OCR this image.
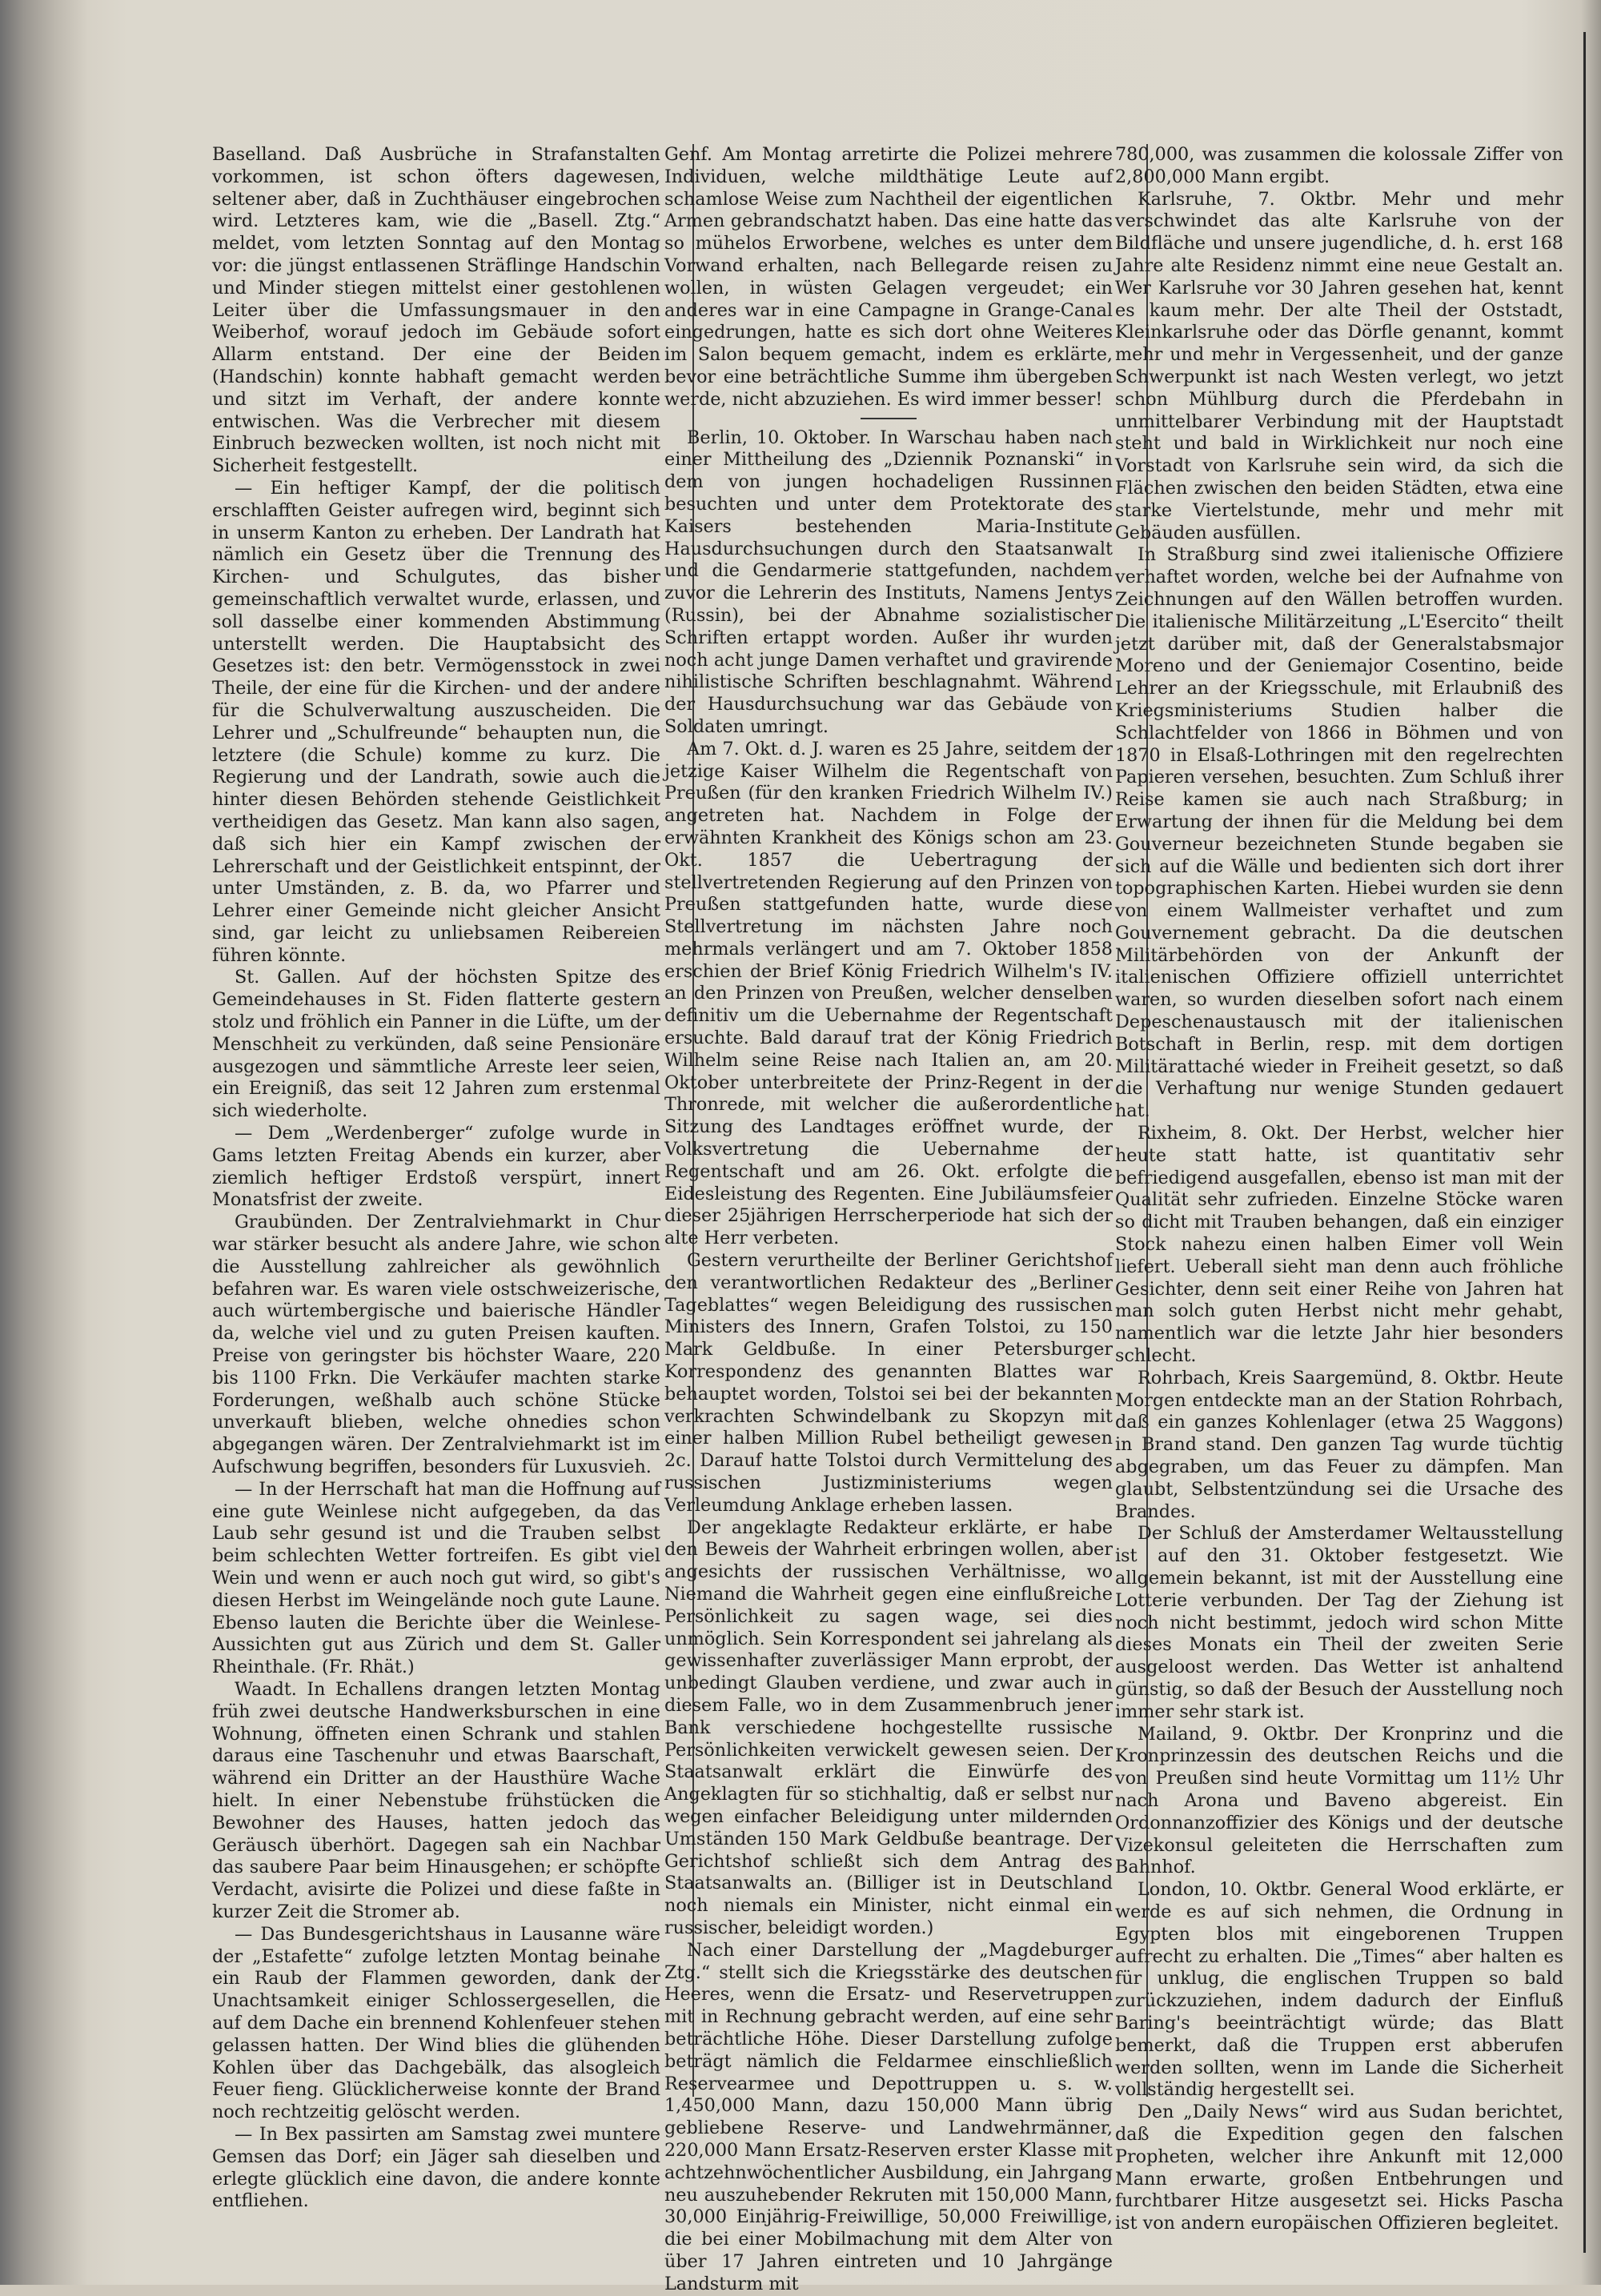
Baselland. Daß Ausbrüche in Strafanstalten vorkommen, ist schon öfters dagewesen, seltener aber, daß in Zuchthäuser eingebrochen wird. Letzteres kam, wie die „Basell. Ztg.“ meldet, vom letzten Sonntag auf den Montag vor: die jüngst entlassenen Sträflinge Handschin und Minder stiegen mittelst einer gestohlenen Leiter über die Umfassungsmauer in den Weiberhof, worauf jedoch im Gebäude sofort Allarm entstand. Der eine der Beiden (Handschin) konnte habhaft gemacht werden und sitzt im Verhaft, der andere konnte entwischen. Was die Verbrecher mit diesem Einbruch bezwecken wollten, ist noch nicht mit Sicherheit festgestellt.

— Ein heftiger Kampf, der die politisch erschlafften Geister aufregen wird, beginnt sich in unserm Kanton zu erheben. Der Landrath hat nämlich ein Gesetz über die Trennung des Kirchen- und Schulgutes, das bisher gemeinschaftlich verwaltet wurde, erlassen, und soll dasselbe einer kommenden Abstimmung unterstellt werden. Die Hauptabsicht des Gesetzes ist: den betr. Vermögensstock in zwei Theile, der eine für die Kirchen- und der andere für die Schulverwaltung auszuscheiden. Die Lehrer und „Schulfreunde“ behaupten nun, die letztere (die Schule) komme zu kurz. Die Regierung und der Landrath, sowie auch die hinter diesen Behörden stehende Geistlichkeit vertheidigen das Gesetz. Man kann also sagen, daß sich hier ein Kampf zwischen der Lehrerschaft und der Geistlichkeit entspinnt, der unter Umständen, z. B. da, wo Pfarrer und Lehrer einer Gemeinde nicht gleicher Ansicht sind, gar leicht zu unliebsamen Reibereien führen könnte.

St. Gallen. Auf der höchsten Spitze des Gemeindehauses in St. Fiden flatterte gestern stolz und fröhlich ein Panner in die Lüfte, um der Menschheit zu verkünden, daß seine Pensionäre ausgezogen und sämmtliche Arreste leer seien, ein Ereigniß, das seit 12 Jahren zum erstenmal sich wiederholte.

— Dem „Werdenberger“ zufolge wurde in Gams letzten Freitag Abends ein kurzer, aber ziemlich heftiger Erdstoß verspürt, innert Monatsfrist der zweite.

Graubünden. Der Zentralviehmarkt in Chur war stärker besucht als andere Jahre, wie schon die Ausstellung zahlreicher als gewöhnlich befahren war. Es waren viele ostschweizerische, auch würtembergische und baierische Händler da, welche viel und zu guten Preisen kauften. Preise von geringster bis höchster Waare, 220 bis 1100 Frkn. Die Verkäufer machten starke Forderungen, weßhalb auch schöne Stücke unverkauft blieben, welche ohnedies schon abgegangen wären. Der Zentralviehmarkt ist im Aufschwung begriffen, besonders für Luxusvieh.

— In der Herrschaft hat man die Hoffnung auf eine gute Weinlese nicht aufgegeben, da das Laub sehr gesund ist und die Trauben selbst beim schlechten Wetter fortreifen. Es gibt viel Wein und wenn er auch noch gut wird, so gibt's diesen Herbst im Weingelände noch gute Laune. Ebenso lauten die Berichte über die Weinlese-Aussichten gut aus Zürich und dem St. Galler Rheinthale. (Fr. Rhät.)

Waadt. In Echallens drangen letzten Montag früh zwei deutsche Handwerksburschen in eine Wohnung, öffneten einen Schrank und stahlen daraus eine Taschenuhr und etwas Baarschaft, während ein Dritter an der Hausthüre Wache hielt. In einer Nebenstube frühstücken die Bewohner des Hauses, hatten jedoch das Geräusch überhört. Dagegen sah ein Nachbar das saubere Paar beim Hinausgehen; er schöpfte Verdacht, avisirte die Polizei und diese faßte in kurzer Zeit die Stromer ab.

— Das Bundesgerichtshaus in Lausanne wäre der „Estafette“ zufolge letzten Montag beinahe ein Raub der Flammen geworden, dank der Unachtsamkeit einiger Schlossergesellen, die auf dem Dache ein brennend Kohlenfeuer stehen gelassen hatten. Der Wind blies die glühenden Kohlen über das Dachgebälk, das alsogleich Feuer fieng. Glücklicherweise konnte der Brand noch rechtzeitig gelöscht werden.

— In Bex passirten am Samstag zwei muntere Gemsen das Dorf; ein Jäger sah dieselben und erlegte glücklich eine davon, die andere konnte entfliehen.

Genf. Am Montag arretirte die Polizei mehrere Individuen, welche mildthätige Leute auf schamlose Weise zum Nachtheil der eigentlichen Armen gebrandschatzt haben. Das eine hatte das so mühelos Erworbene, welches es unter dem Vorwand erhalten, nach Bellegarde reisen zu wollen, in wüsten Gelagen vergeudet; ein anderes war in eine Campagne in Grange-Canal eingedrungen, hatte es sich dort ohne Weiteres im Salon bequem gemacht, indem es erklärte, bevor eine beträchtliche Summe ihm übergeben werde, nicht abzuziehen. Es wird immer besser!

Berlin, 10. Oktober. In Warschau haben nach einer Mittheilung des „Dziennik Poznanski“ in dem von jungen hochadeligen Russinnen besuchten und unter dem Protektorate des Kaisers bestehenden Maria-Institute Hausdurchsuchungen durch den Staatsanwalt und die Gendarmerie stattgefunden, nachdem zuvor die Lehrerin des Instituts, Namens Jentys (Russin), bei der Abnahme sozialistischer Schriften ertappt worden. Außer ihr wurden noch acht junge Damen verhaftet und gravirende nihilistische Schriften beschlagnahmt. Während der Hausdurchsuchung war das Gebäude von Soldaten umringt.

Am 7. Okt. d. J. waren es 25 Jahre, seitdem der jetzige Kaiser Wilhelm die Regentschaft von Preußen (für den kranken Friedrich Wilhelm IV.) angetreten hat. Nachdem in Folge der erwähnten Krankheit des Königs schon am 23. Okt. 1857 die Uebertragung der stellvertretenden Regierung auf den Prinzen von Preußen stattgefunden hatte, wurde diese Stellvertretung im nächsten Jahre noch mehrmals verlängert und am 7. Oktober 1858 erschien der Brief König Friedrich Wilhelm's IV. an den Prinzen von Preußen, welcher denselben definitiv um die Uebernahme der Regentschaft ersuchte. Bald darauf trat der König Friedrich Wilhelm seine Reise nach Italien an, am 20. Oktober unterbreitete der Prinz-Regent in der Thronrede, mit welcher die außerordentliche Sitzung des Landtages eröffnet wurde, der Volksvertretung die Uebernahme der Regentschaft und am 26. Okt. erfolgte die Eidesleistung des Regenten. Eine Jubiläumsfeier dieser 25jährigen Herrscherperiode hat sich der alte Herr verbeten.

Gestern verurtheilte der Berliner Gerichtshof den verantwortlichen Redakteur des „Berliner Tageblattes“ wegen Beleidigung des russischen Ministers des Innern, Grafen Tolstoi, zu 150 Mark Geldbuße. In einer Petersburger Korrespondenz des genannten Blattes war behauptet worden, Tolstoi sei bei der bekannten verkrachten Schwindelbank zu Skopzyn mit einer halben Million Rubel betheiligt gewesen 2c. Darauf hatte Tolstoi durch Vermittelung des russischen Justizministeriums wegen Verleumdung Anklage erheben lassen.

Der angeklagte Redakteur erklärte, er habe den Beweis der Wahrheit erbringen wollen, aber angesichts der russischen Verhältnisse, wo Niemand die Wahrheit gegen eine einflußreiche Persönlichkeit zu sagen wage, sei dies unmöglich. Sein Korrespondent sei jahrelang als gewissenhafter zuverlässiger Mann erprobt, der unbedingt Glauben verdiene, und zwar auch in diesem Falle, wo in dem Zusammenbruch jener Bank verschiedene hochgestellte russische Persönlichkeiten verwickelt gewesen seien. Der Staatsanwalt erklärt die Einwürfe des Angeklagten für so stichhaltig, daß er selbst nur wegen einfacher Beleidigung unter mildernden Umständen 150 Mark Geldbuße beantrage. Der Gerichtshof schließt sich dem Antrag des Staatsanwalts an. (Billiger ist in Deutschland noch niemals ein Minister, nicht einmal ein russischer, beleidigt worden.)

Nach einer Darstellung der „Magdeburger Ztg.“ stellt sich die Kriegsstärke des deutschen Heeres, wenn die Ersatz- und Reservetruppen mit in Rechnung gebracht werden, auf eine sehr beträchtliche Höhe. Dieser Darstellung zufolge beträgt nämlich die Feldarmee einschließlich Reservearmee und Depottruppen u. s. w. 1,450,000 Mann, dazu 150,000 Mann übrig gebliebene Reserve- und Landwehrmänner, 220,000 Mann Ersatz-Reserven erster Klasse mit achtzehnwöchentlicher Ausbildung, ein Jahrgang neu auszuhebender Rekruten mit 150,000 Mann, 30,000 Einjährig-Freiwillige, 50,000 Freiwillige, die bei einer Mobilmachung mit dem Alter von über 17 Jahren eintreten und 10 Jahrgänge Landsturm mit

780,000, was zusammen die kolossale Ziffer von 2,800,000 Mann ergibt.

Karlsruhe, 7. Oktbr. Mehr und mehr verschwindet das alte Karlsruhe von der Bildfläche und unsere jugendliche, d. h. erst 168 Jahre alte Residenz nimmt eine neue Gestalt an. Wer Karlsruhe vor 30 Jahren gesehen hat, kennt es kaum mehr. Der alte Theil der Oststadt, Kleinkarlsruhe oder das Dörfle genannt, kommt mehr und mehr in Vergessenheit, und der ganze Schwerpunkt ist nach Westen verlegt, wo jetzt schon Mühlburg durch die Pferdebahn in unmittelbarer Verbindung mit der Hauptstadt steht und bald in Wirklichkeit nur noch eine Vorstadt von Karlsruhe sein wird, da sich die Flächen zwischen den beiden Städten, etwa eine starke Viertelstunde, mehr und mehr mit Gebäuden ausfüllen.

In Straßburg sind zwei italienische Offiziere verhaftet worden, welche bei der Aufnahme von Zeichnungen auf den Wällen betroffen wurden. Die italienische Militärzeitung „L'Esercito“ theilt jetzt darüber mit, daß der Generalstabsmajor Moreno und der Geniemajor Cosentino, beide Lehrer an der Kriegsschule, mit Erlaubniß des Kriegsministeriums Studien halber die Schlachtfelder von 1866 in Böhmen und von 1870 in Elsaß-Lothringen mit den regelrechten Papieren versehen, besuchten. Zum Schluß ihrer Reise kamen sie auch nach Straßburg; in Erwartung der ihnen für die Meldung bei dem Gouverneur bezeichneten Stunde begaben sie sich auf die Wälle und bedienten sich dort ihrer topographischen Karten. Hiebei wurden sie denn von einem Wallmeister verhaftet und zum Gouvernement gebracht. Da die deutschen Militärbehörden von der Ankunft der italienischen Offiziere offiziell unterrichtet waren, so wurden dieselben sofort nach einem Depeschenaustausch mit der italienischen Botschaft in Berlin, resp. mit dem dortigen Militärattaché wieder in Freiheit gesetzt, so daß die Verhaftung nur wenige Stunden gedauert hat.

Rixheim, 8. Okt. Der Herbst, welcher hier heute statt hatte, ist quantitativ sehr befriedigend ausgefallen, ebenso ist man mit der Qualität sehr zufrieden. Einzelne Stöcke waren so dicht mit Trauben behangen, daß ein einziger Stock nahezu einen halben Eimer voll Wein liefert. Ueberall sieht man denn auch fröhliche Gesichter, denn seit einer Reihe von Jahren hat man solch guten Herbst nicht mehr gehabt, namentlich war die letzte Jahr hier besonders schlecht.

Rohrbach, Kreis Saargemünd, 8. Oktbr. Heute Morgen entdeckte man an der Station Rohrbach, daß ein ganzes Kohlenlager (etwa 25 Waggons) in Brand stand. Den ganzen Tag wurde tüchtig abgegraben, um das Feuer zu dämpfen. Man glaubt, Selbstentzündung sei die Ursache des Brandes.

Der Schluß der Amsterdamer Weltausstellung ist auf den 31. Oktober festgesetzt. Wie allgemein bekannt, ist mit der Ausstellung eine Lotterie verbunden. Der Tag der Ziehung ist noch nicht bestimmt, jedoch wird schon Mitte dieses Monats ein Theil der zweiten Serie ausgeloost werden. Das Wetter ist anhaltend günstig, so daß der Besuch der Ausstellung noch immer sehr stark ist.

Mailand, 9. Oktbr. Der Kronprinz und die Kronprinzessin des deutschen Reichs und die von Preußen sind heute Vormittag um 11½ Uhr nach Arona und Baveno abgereist. Ein Ordonnanzoffizier des Königs und der deutsche Vizekonsul geleiteten die Herrschaften zum Bahnhof.

London, 10. Oktbr. General Wood erklärte, er werde es auf sich nehmen, die Ordnung in Egypten blos mit eingeborenen Truppen aufrecht zu erhalten. Die „Times“ aber halten es für unklug, die englischen Truppen so bald zurückzuziehen, indem dadurch der Einfluß Baring's beeinträchtigt würde; das Blatt bemerkt, daß die Truppen erst abberufen werden sollten, wenn im Lande die Sicherheit vollständig hergestellt sei.

Den „Daily News“ wird aus Sudan berichtet, daß die Expedition gegen den falschen Propheten, welcher ihre Ankunft mit 12,000 Mann erwarte, großen Entbehrungen und furchtbarer Hitze ausgesetzt sei. Hicks Pascha ist von andern europäischen Offizieren begleitet.
